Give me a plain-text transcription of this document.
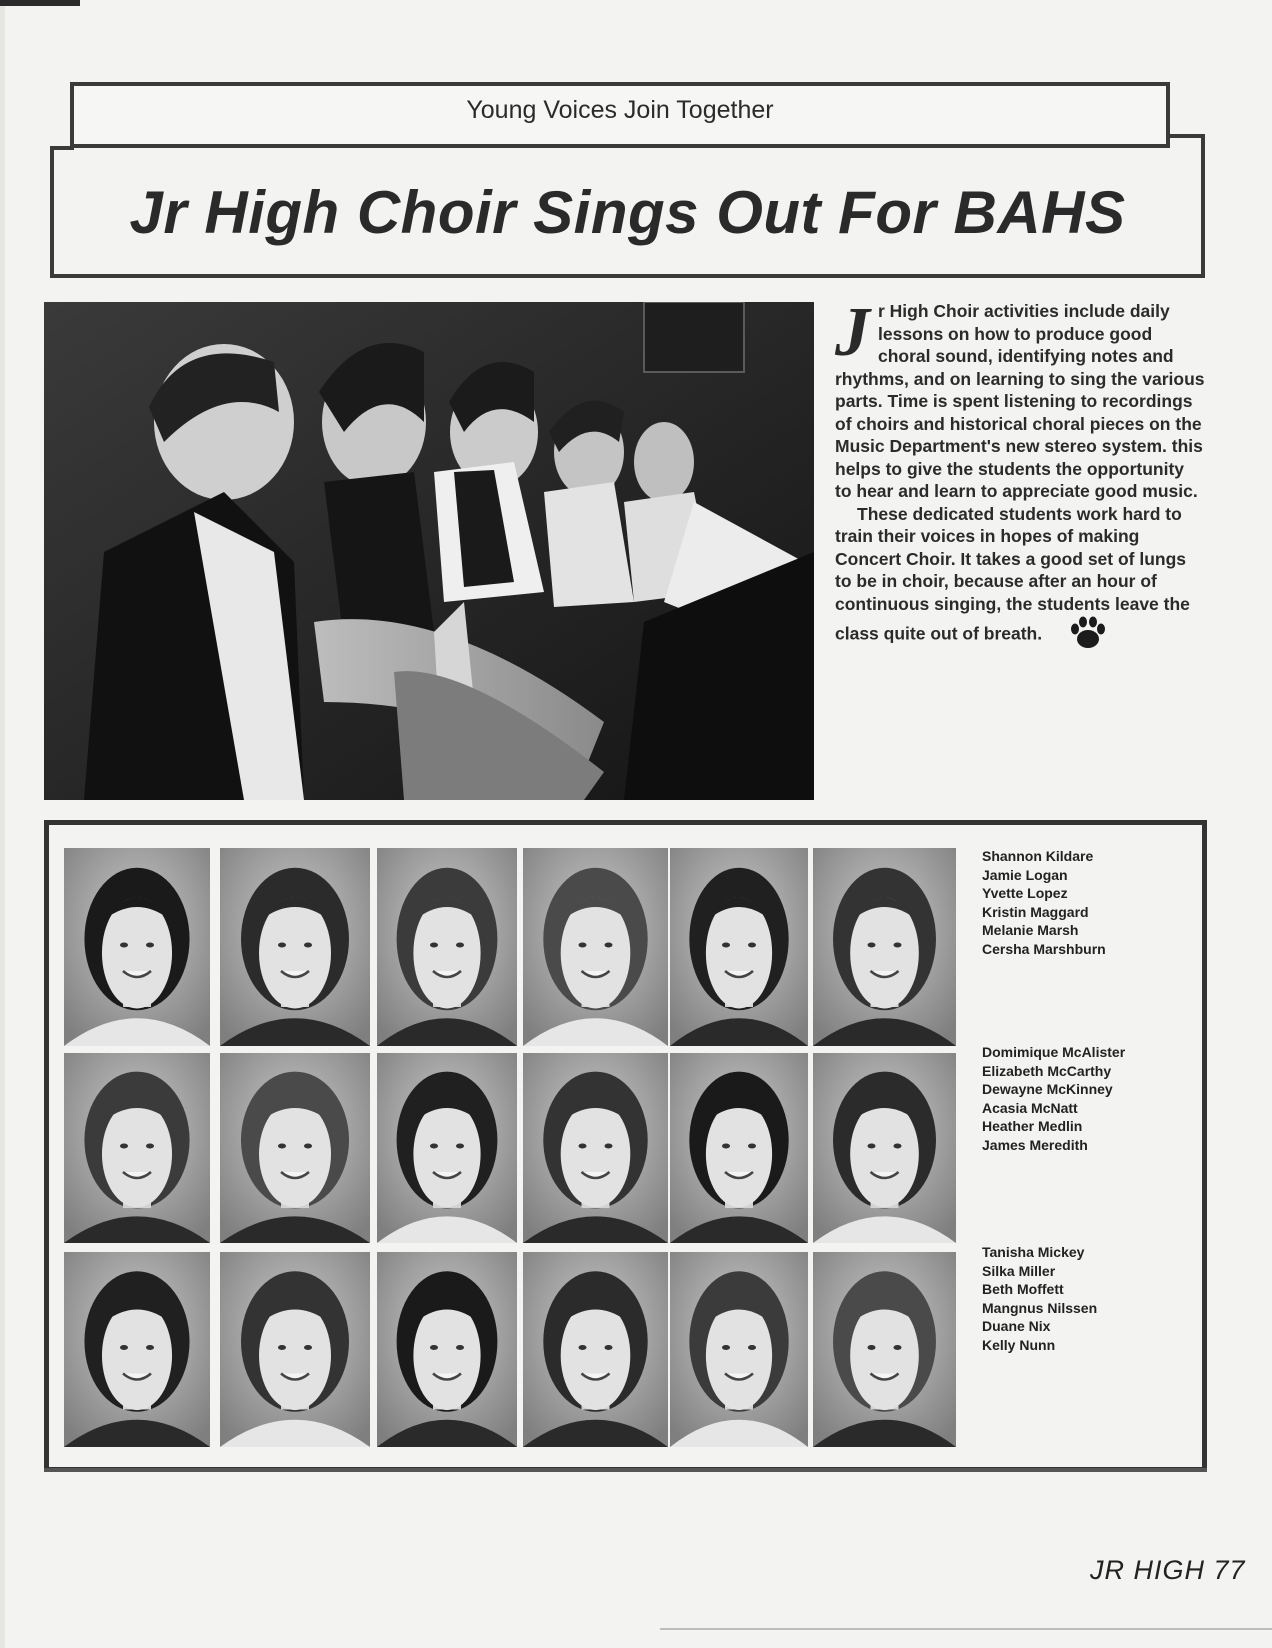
Young Voices Join Together
Jr High Choir Sings Out For BAHS

Jr High Choir activities include daily lessons on how to produce good choral sound, identifying notes and rhythms, and on learning to sing the various parts. Time is spent listening to recordings of choirs and historical choral pieces on the Music Department's new stereo system. this helps to give the students the opportunity to hear and learn to appreciate good music.

These dedicated students work hard to train their voices in hopes of making Concert Choir. It takes a good set of lungs to be in choir, because after an hour of continuous singing, the students leave the class quite out of breath.

Shannon Kildare
Jamie Logan
Yvette Lopez
Kristin Maggard
Melanie Marsh
Cersha Marshburn
Domimique McAlister
Elizabeth McCarthy
Dewayne McKinney
Acasia McNatt
Heather Medlin
James Meredith
Tanisha Mickey
Silka Miller
Beth Moffett
Mangnus Nilssen
Duane Nix
Kelly Nunn
JR HIGH 77
